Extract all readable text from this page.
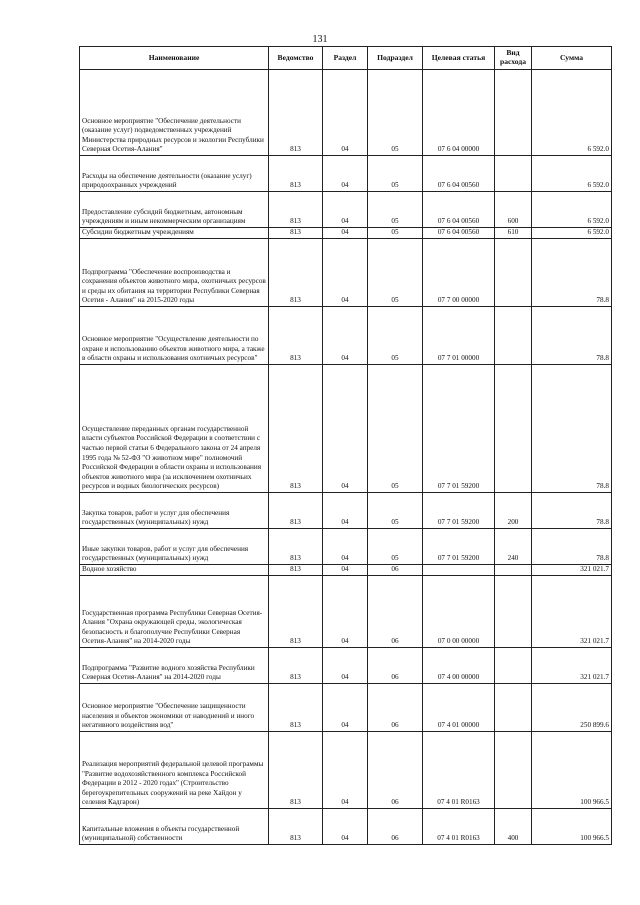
131
Наименование	Ведомство	Раздел	Подраздел	Целевая статья	Вид расхода	Сумма
Основное мероприятие "Обеспечение деятельности (оказание услуг) подведомственных учреждений Министерства природных ресурсов и экологии Республики Северная Осетия-Алания"	813	04	05	07 6 04 00000		6 592.0
Расходы на обеспечение деятельности (оказание услуг) природоохранных учреждений	813	04	05	07 6 04 00560		6 592.0
Предоставление субсидий бюджетным, автономным учреждениям и иным некоммерческим организациям	813	04	05	07 6 04 00560	600	6 592.0
Субсидии бюджетным учреждениям	813	04	05	07 6 04 00560	610	6 592.0
Подпрограмма "Обеспечение воспроизводства и сохранения объектов животного мира, охотничьих ресурсов и среды их обитания на территории Республики Северная Осетия - Алания" на 2015-2020 годы	813	04	05	07 7 00 00000		78.8
Основное мероприятие "Осуществление деятельности по охране и использованию объектов животного мира, а также в области охраны и использования охотничьих ресурсов"	813	04	05	07 7 01 00000		78.8
Осуществление переданных органам государственной власти субъектов Российской Федерации в соответствии с частью первой статьи 6 Федерального закона от 24 апреля 1995 года № 52-ФЗ "О животном мире" полномочий Российской Федерации в области охраны и использования объектов животного мира (за исключением охотничьих ресурсов и водных биологических ресурсов)	813	04	05	07 7 01 59200		78.8
Закупка товаров, работ и услуг для обеспечения государственных (муниципальных) нужд	813	04	05	07 7 01 59200	200	78.8
Иные закупки товаров, работ и услуг для обеспечения государственных (муниципальных) нужд	813	04	05	07 7 01 59200	240	78.8
Водное хозяйство	813	04	06			321 021.7
Государственная программа Республики Северная Осетия-Алания "Охрана окружающей среды, экологическая безопасность и благополучие Республики Северная Осетия-Алания" на 2014-2020 годы	813	04	06	07 0 00 00000		321 021.7
Подпрограмма "Развитие водного хозяйства Республики Северная Осетия-Алания" на 2014-2020 годы	813	04	06	07 4 00 00000		321 021.7
Основное мероприятие "Обеспечение защищенности населения и объектов экономики от наводнений и иного негативного воздействия вод"	813	04	06	07 4 01 00000		250 899.6
Реализация мероприятий федеральной целевой программы "Развитие водохозяйственного комплекса Российской Федерации в 2012 - 2020 годах" (Строительство берегоукрепительных сооружений на реке Хайдон у селения Кадгарон)	813	04	06	07 4 01 R0163		100 966.5
Капитальные вложения в объекты государственной (муниципальной) собственности	813	04	06	07 4 01 R0163	400	100 966.5
